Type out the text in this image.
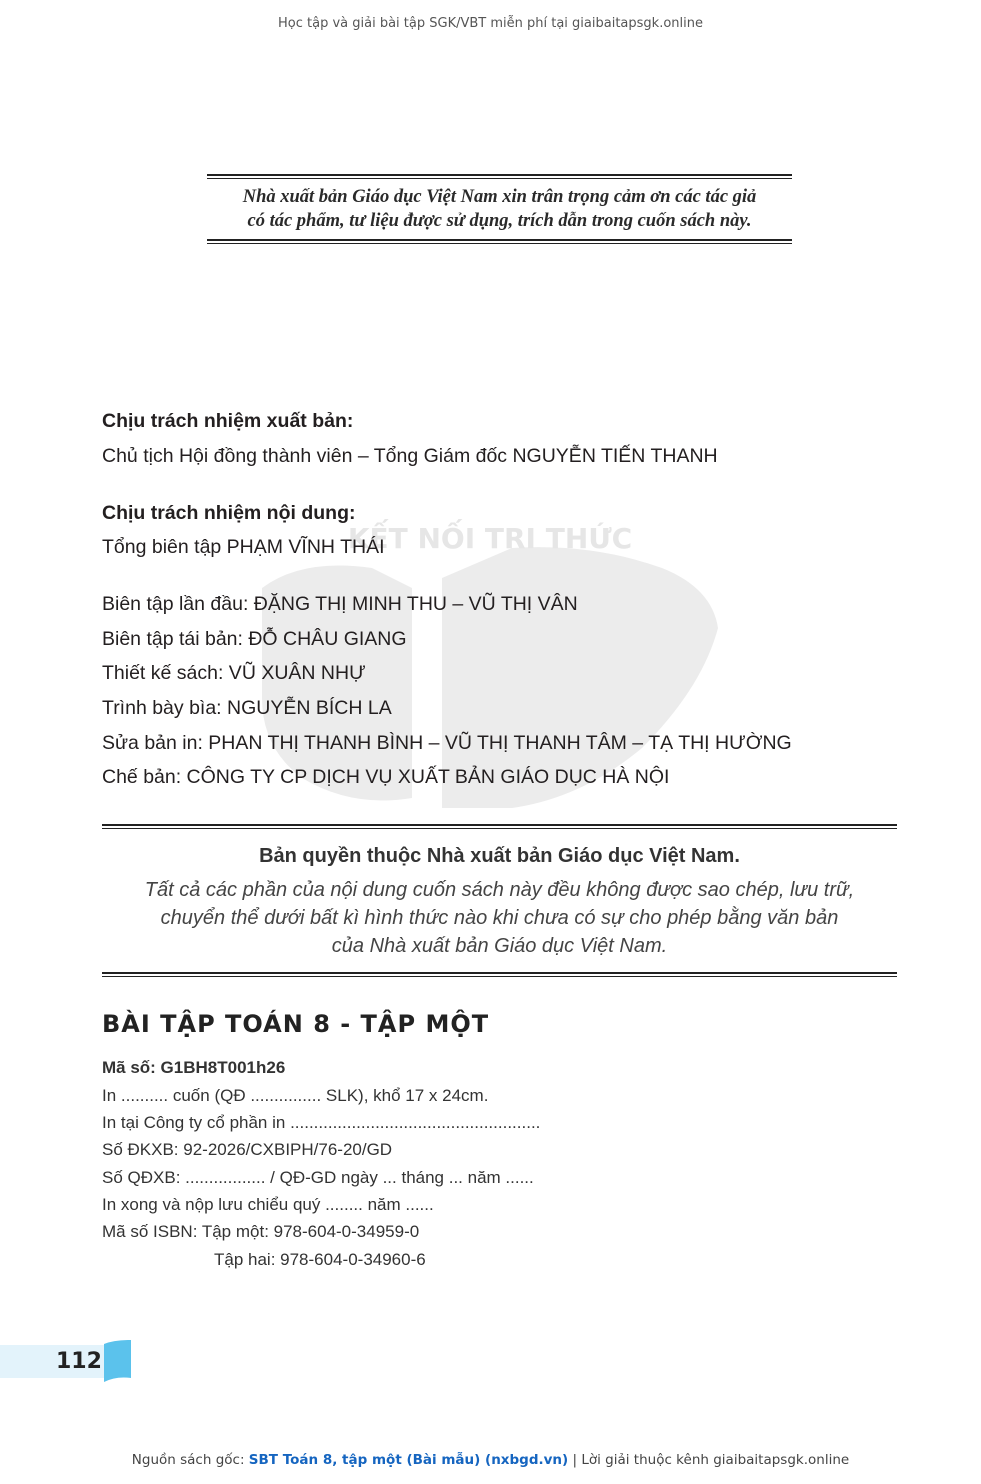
Học tập và giải bài tập SGK/VBT miễn phí tại giaibaitapsgk.online
Nhà xuất bản Giáo dục Việt Nam xin trân trọng cảm ơn các tác giả
có tác phẩm, tư liệu được sử dụng, trích dẫn trong cuốn sách này.
KẾT NỐI TRI THỨC
Chịu trách nhiệm xuất bản:
Chủ tịch Hội đồng thành viên – Tổng Giám đốc NGUYỄN TIẾN THANH
Chịu trách nhiệm nội dung:
Tổng biên tập PHẠM VĨNH THÁI
Biên tập lần đầu: ĐẶNG THỊ MINH THU – VŨ THỊ VÂN
Biên tập tái bản: ĐỖ CHÂU GIANG
Thiết kế sách: VŨ XUÂN NHỰ
Trình bày bìa: NGUYỄN BÍCH LA
Sửa bản in: PHAN THỊ THANH BÌNH – VŨ THỊ THANH TÂM – TẠ THỊ HƯỜNG
Chế bản: CÔNG TY CP DỊCH VỤ XUẤT BẢN GIÁO DỤC HÀ NỘI
Bản quyền thuộc Nhà xuất bản Giáo dục Việt Nam.
Tất cả các phần của nội dung cuốn sách này đều không được sao chép, lưu trữ,
chuyển thể dưới bất kì hình thức nào khi chưa có sự cho phép bằng văn bản
của Nhà xuất bản Giáo dục Việt Nam.
BÀI TẬP TOÁN 8 - TẬP MỘT
Mã số: G1BH8T001h26
In .......... cuốn (QĐ ............... SLK), khổ 17 x 24cm.
In tại Công ty cổ phần in .....................................................
Số ĐKXB: 92-2026/CXBIPH/76-20/GD
Số QĐXB: ................. / QĐ-GD ngày ... tháng ... năm ......
In xong và nộp lưu chiểu quý ........ năm ......
Mã số ISBN: Tập một: 978-604-0-34959-0
Tập hai: 978-604-0-34960-6
112
Nguồn sách gốc: SBT Toán 8, tập một (Bài mẫu) (nxbgd.vn) | Lời giải thuộc kênh giaibaitapsgk.online
